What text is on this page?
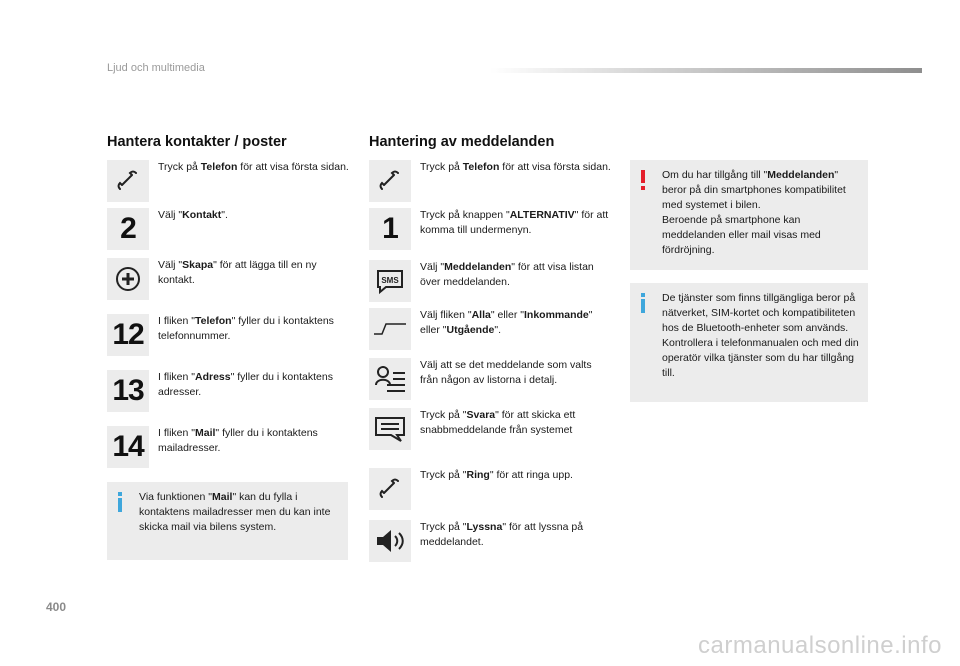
Ljud och multimedia
Hantera kontakter / poster
Tryck på Telefon för att visa första sidan.
2 Välj "Kontakt".
Välj "Skapa" för att lägga till en ny kontakt.
12 I fliken "Telefon" fyller du i kontaktens telefonnummer.
13 I fliken "Adress" fyller du i kontaktens adresser.
14 I fliken "Mail" fyller du i kontaktens mailadresser.
Via funktionen "Mail" kan du fylla i kontaktens mailadresser men du kan inte skicka mail via bilens system.
Hantering av meddelanden
Tryck på Telefon för att visa första sidan.
1 Tryck på knappen "ALTERNATIV" för att komma till undermenyn.
SMS
Välj "Meddelanden" för att visa listan över meddelanden.
Välj fliken "Alla" eller "Inkommande" eller "Utgående".
Välj att se det meddelande som valts från någon av listorna i detalj.
Tryck på "Svara" för att skicka ett snabbmeddelande från systemet
Tryck på "Ring" för att ringa upp.
Tryck på "Lyssna" för att lyssna på meddelandet.
Om du har tillgång till "Meddelanden" beror på din smartphones kompatibilitet med systemet i bilen.
Beroende på smartphone kan meddelanden eller mail visas med fördröjning.
De tjänster som finns tillgängliga beror på nätverket, SIM-kortet och kompatibiliteten hos de Bluetooth-enheter som används.
Kontrollera i telefonmanualen och med din operatör vilka tjänster som du har tillgång till.
400
carmanualsonline.info
